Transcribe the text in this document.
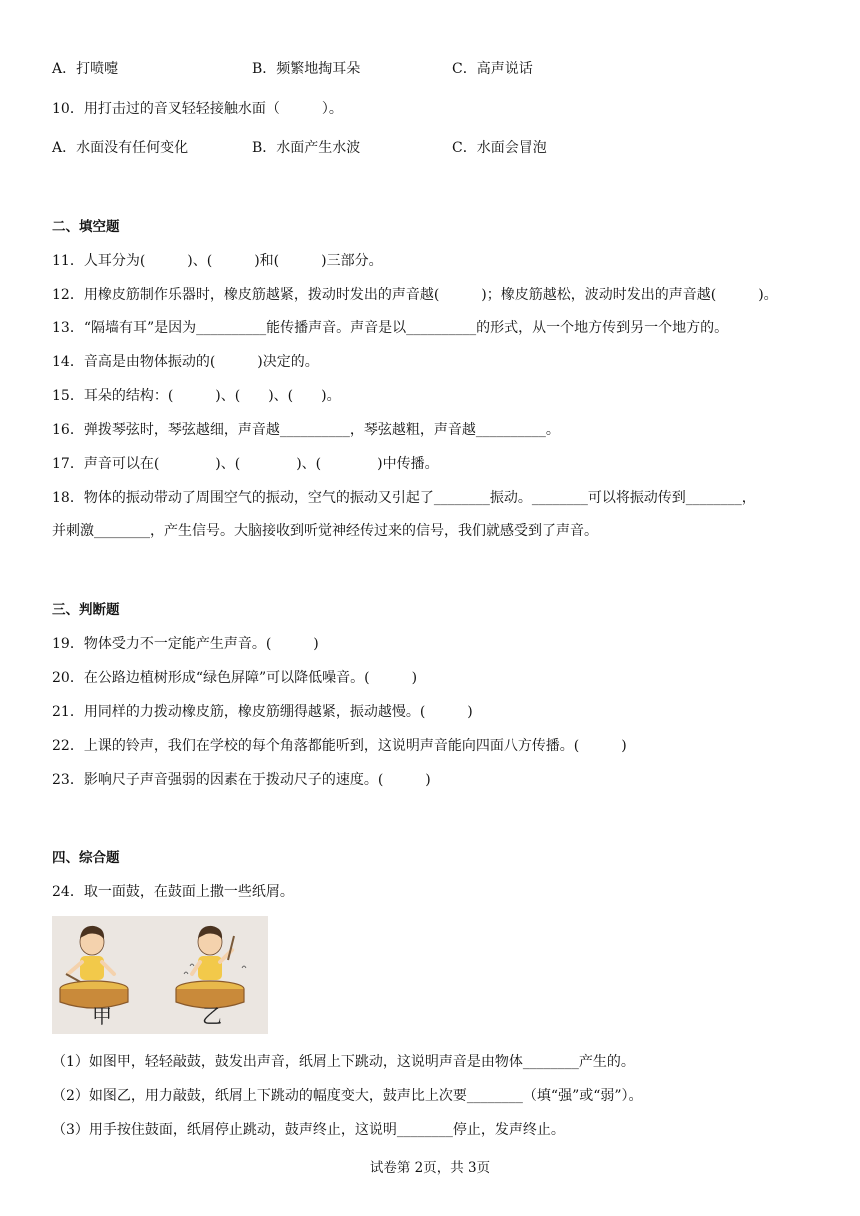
A．打喷嚏	B．频繁地掏耳朵	C．高声说话
10．用打击过的音叉轻轻接触水面（　　　）。
A．水面没有任何变化	B．水面产生水波	C．水面会冒泡
二、填空题
11．人耳分为(　　　)、(　　　)和(　　　)三部分。
12．用橡皮筋制作乐器时，橡皮筋越紧，拨动时发出的声音越(　　　)；橡皮筋越松，波动时发出的声音越(　　　)。
13．“隔墙有耳”是因为__________能传播声音。声音是以__________的形式，从一个地方传到另一个地方的。
14．音高是由物体振动的(　　　)决定的。
15．耳朵的结构：(　　　)、(　　)、(　　)。
16．弹拨琴弦时，琴弦越细，声音越__________，琴弦越粗，声音越__________。
17．声音可以在(　　　　)、(　　　　)、(　　　　)中传播。
18．物体的振动带动了周围空气的振动，空气的振动又引起了________振动。________可以将振动传到________，
并刺激________，产生信号。大脑接收到听觉神经传过来的信号，我们就感受到了声音。
三、判断题
19．物体受力不一定能产生声音。(　　　)
20．在公路边植树形成“绿色屏障”可以降低噪音。(　　　)
21．用同样的力拨动橡皮筋，橡皮筋绷得越紧，振动越慢。(　　　)
22．上课的铃声，我们在学校的每个角落都能听到，这说明声音能向四面八方传播。(　　　)
23．影响尺子声音强弱的因素在于拨动尺子的速度。(　　　)
四、综合题
24．取一面鼓，在鼓面上撒一些纸屑。
甲	乙
（1）如图甲，轻轻敲鼓，鼓发出声音，纸屑上下跳动，这说明声音是由物体________产生的。
（2）如图乙，用力敲鼓，纸屑上下跳动的幅度变大，鼓声比上次要________（填“强”或“弱”）。
（3）用手按住鼓面，纸屑停止跳动，鼓声终止，这说明________停止，发声终止。
试卷第 2页，共 3页
